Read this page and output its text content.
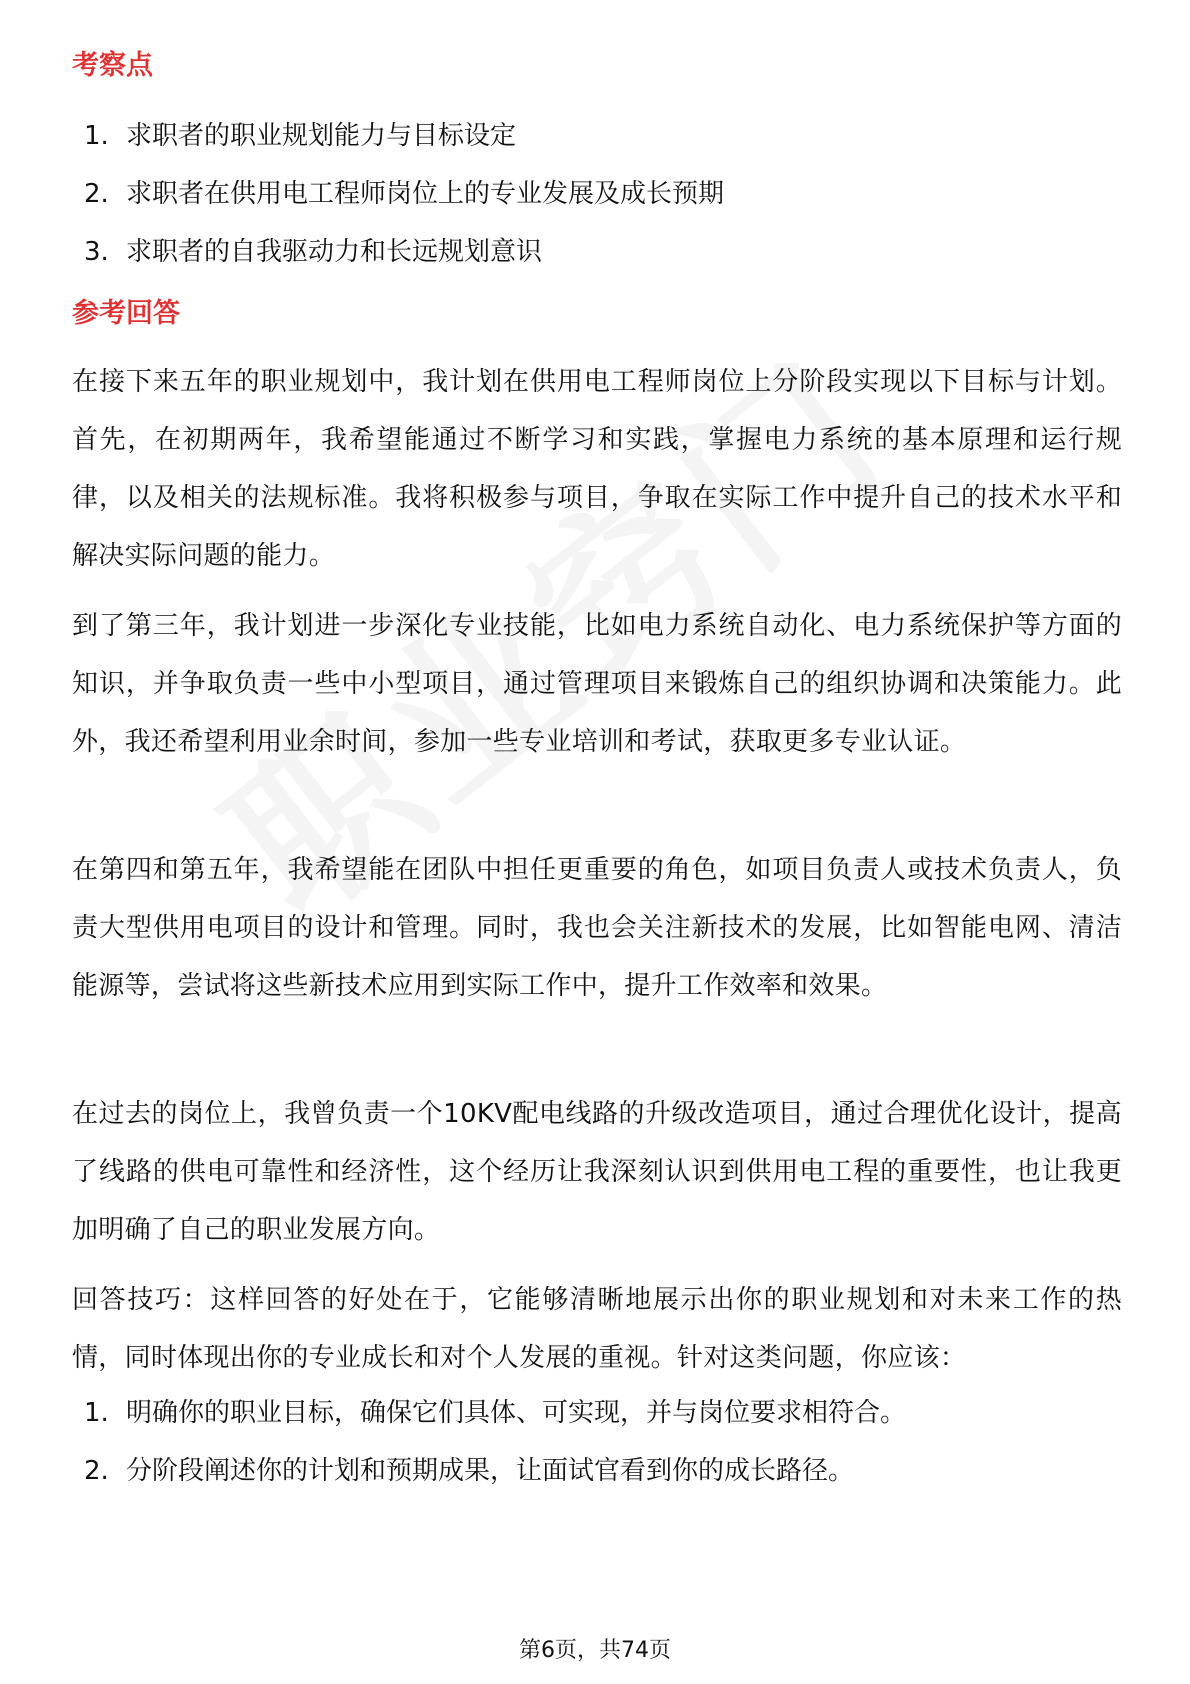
考察点
1. 求职者的职业规划能力与目标设定
2. 求职者在供用电工程师岗位上的专业发展及成长预期
3. 求职者的自我驱动力和长远规划意识
参考回答

在接下来五年的职业规划中，我计划在供用电工程师岗位上分阶段实现以下目标与计划。首先，在初期两年，我希望能通过不断学习和实践，掌握电力系统的基本原理和运行规律，以及相关的法规标准。我将积极参与项目，争取在实际工作中提升自己的技术水平和解决实际问题的能力。

到了第三年，我计划进一步深化专业技能，比如电力系统自动化、电力系统保护等方面的知识，并争取负责一些中小型项目，通过管理项目来锻炼自己的组织协调和决策能力。此外，我还希望利用业余时间，参加一些专业培训和考试，获取更多专业认证。

在第四和第五年，我希望能在团队中担任更重要的角色，如项目负责人或技术负责人，负责大型供用电项目的设计和管理。同时，我也会关注新技术的发展，比如智能电网、清洁能源等，尝试将这些新技术应用到实际工作中，提升工作效率和效果。

在过去的岗位上，我曾负责一个10KV配电线路的升级改造项目，通过合理优化设计，提高了线路的供电可靠性和经济性，这个经历让我深刻认识到供用电工程的重要性，也让我更加明确了自己的职业发展方向。

回答技巧：这样回答的好处在于，它能够清晰地展示出你的职业规划和对未来工作的热情，同时体现出你的专业成长和对个人发展的重视。针对这类问题，你应该：

1. 明确你的职业目标，确保它们具体、可实现，并与岗位要求相符合。
2. 分阶段阐述你的计划和预期成果，让面试官看到你的成长路径。
第6页，共74页
